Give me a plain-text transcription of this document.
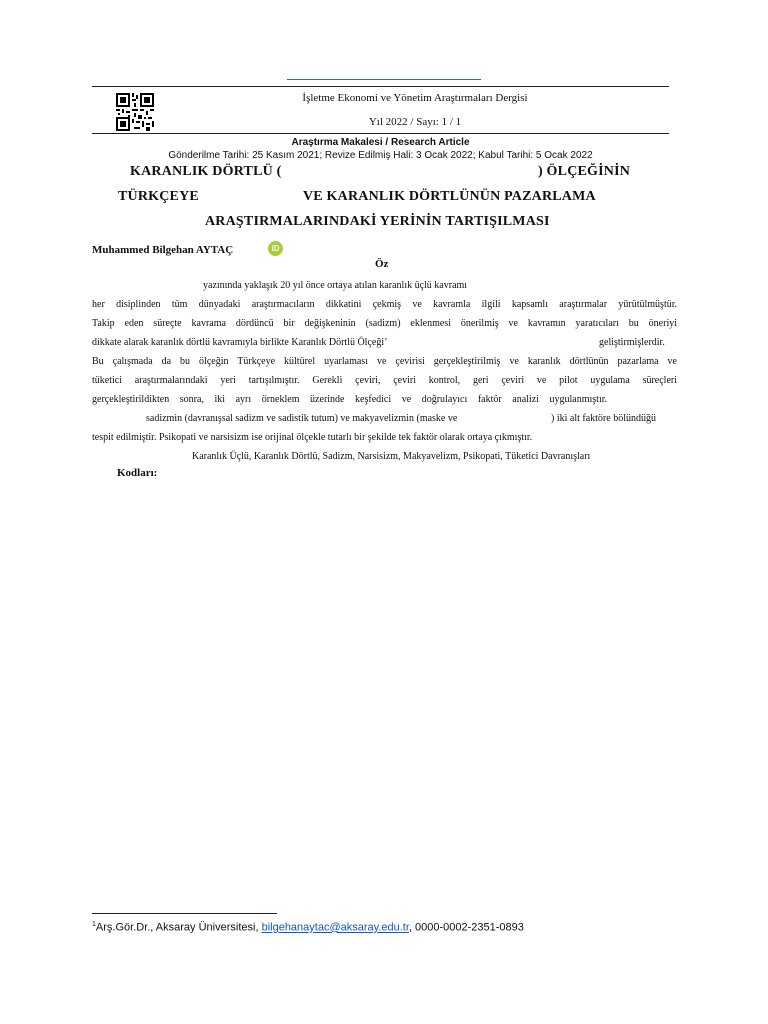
İşletme Ekonomi ve Yönetim Araştırmaları Dergisi
Yıl 2022 / Sayı: 1 / 1
Araştırma Makalesi / Research Article
Gönderilme Tarihi: 25 Kasım 2021; Revize Edilmiş Hali: 3 Ocak 2022; Kabul Tarihi: 5 Ocak 2022
KARANLIK DÖRTLÜ (	) ÖLÇEĞİNİN
TÜRKÇEYE	VE KARANLIK DÖRTLÜNÜN PAZARLAMA
ARAŞTIRMALARINDAKİ YERİNİN TARTIŞILMASI
Muhammed Bilgehan AYTAÇ	iD
Öz
yazınında yaklaşık 20 yıl önce ortaya atılan karanlık üçlü kavramı
her disiplinden tüm dünyadaki araştırmacıların dikkatini çekmiş ve kavramla ilgili kapsamlı araştırmalar yürütülmüştür.
Takip eden süreçte kavrama dördüncü bir değişkeninin (sadizm) eklenmesi önerilmiş ve kavramın yaratıcıları bu öneriyi
dikkate alarak karanlık dörtlü kavramıyla birlikte Karanlık Dörtlü Ölçeği’	geliştirmişlerdir.
Bu çalışmada da bu ölçeğin Türkçeye kültürel uyarlaması ve çevirisi gerçekleştirilmiş ve karanlık dörtlünün pazarlama ve
tüketici araştırmalarındaki yeri tartışılmıştır. Gerekli çeviri, çeviri kontrol, geri çeviri ve pilot uygulama süreçleri
gerçekleştirildikten sonra, iki ayrı örneklem üzerinde keşfedici ve doğrulayıcı faktör analizi uygulanmıştır.
sadizmin (davranışsal sadizm ve sadistik tutum) ve makyavelizmin (maske ve	) iki alt faktöre bölündüğü
tespit edilmiştir. Psikopati ve narsisizm ise orijinal ölçekle tutarlı bir şekilde tek faktör olarak ortaya çıkmıştır.
Karanlık Üçlü, Karanlık Dörtlü, Sadizm, Narsisizm, Makyavelizm, Psikopati, Tüketici Davranışları
Kodları:
$^1$Arş.Gör.Dr., Aksaray Üniversitesi, bilgehanaytac@aksaray.edu.tr, 0000-0002-2351-0893
